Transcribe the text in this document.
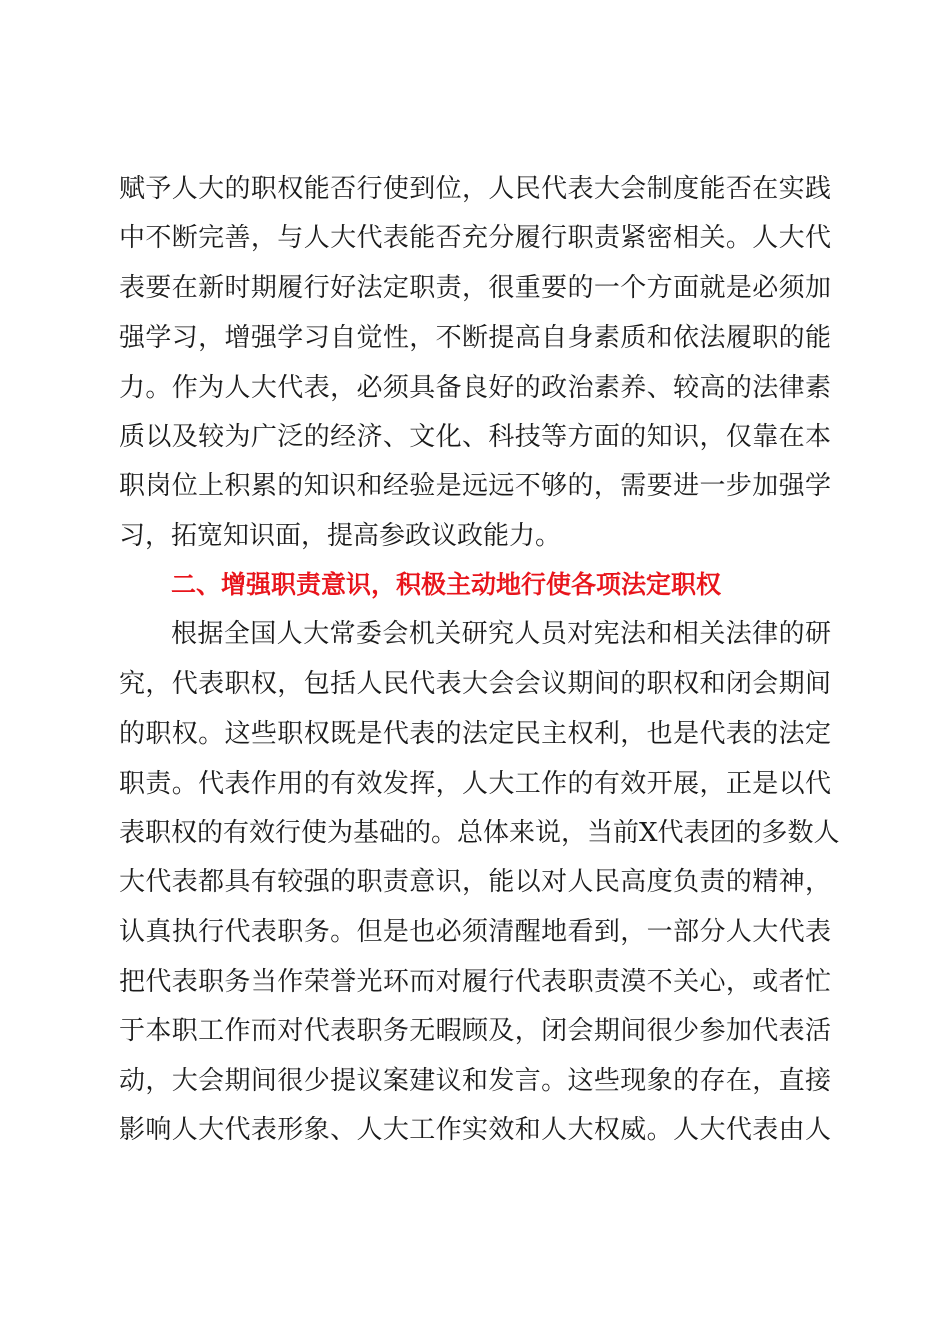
赋予人大的职权能否行使到位，人民代表大会制度能否在实践
中不断完善，与人大代表能否充分履行职责紧密相关。人大代
表要在新时期履行好法定职责，很重要的一个方面就是必须加
强学习，增强学习自觉性，不断提高自身素质和依法履职的能
力。作为人大代表，必须具备良好的政治素养、较高的法律素
质以及较为广泛的经济、文化、科技等方面的知识，仅靠在本
职岗位上积累的知识和经验是远远不够的，需要进一步加强学
习，拓宽知识面，提高参政议政能力。
二、增强职责意识，积极主动地行使各项法定职权
根据全国人大常委会机关研究人员对宪法和相关法律的研
究，代表职权，包括人民代表大会会议期间的职权和闭会期间
的职权。这些职权既是代表的法定民主权利，也是代表的法定
职责。代表作用的有效发挥，人大工作的有效开展，正是以代
表职权的有效行使为基础的。总体来说，当前X代表团的多数人
大代表都具有较强的职责意识，能以对人民高度负责的精神，
认真执行代表职务。但是也必须清醒地看到，一部分人大代表
把代表职务当作荣誉光环而对履行代表职责漠不关心，或者忙
于本职工作而对代表职务无暇顾及，闭会期间很少参加代表活
动，大会期间很少提议案建议和发言。这些现象的存在，直接
影响人大代表形象、人大工作实效和人大权威。人大代表由人
